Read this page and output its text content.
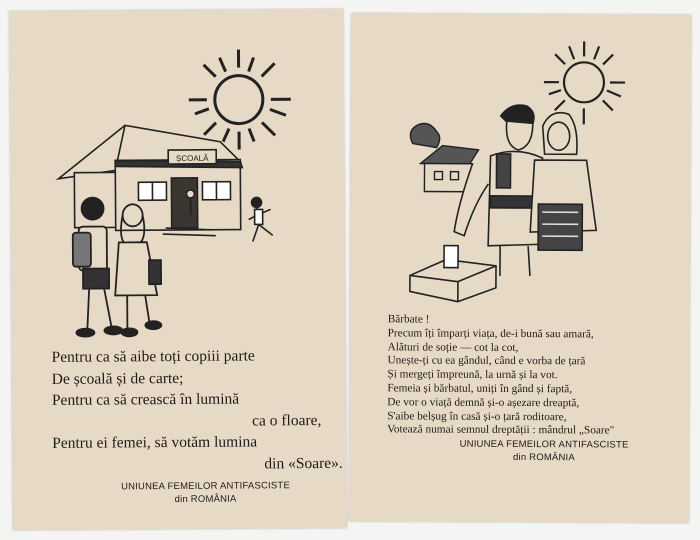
ȘCOALĂ
Pentru ca să aibe toți copiii parte
De școală și de carte;
Pentru ca să crească în lumină
ca o floare,
Pentru ei femei, să votăm lumina
din «Soare».
UNIUNEA FEMEILOR ANTIFASCISTE
din ROMÂNIA
Bărbate !
Precum îți împarți viața, de-i bună sau amară,
Alături de soție — cot la cot,
Unește-ți cu ea gândul, când e vorba de țară
Și mergeți împreună, la urnă și la vot.
Femeia și bărbatul, uniți în gând și faptă,
De vor o viață demnă și-o așezare dreaptă,
S'aibe belșug în casă și-o țară roditoare,
Votează numai semnul dreptății : mândrul „Soare"
UNIUNEA FEMEILOR ANTIFASCISTE
din ROMÂNIA
